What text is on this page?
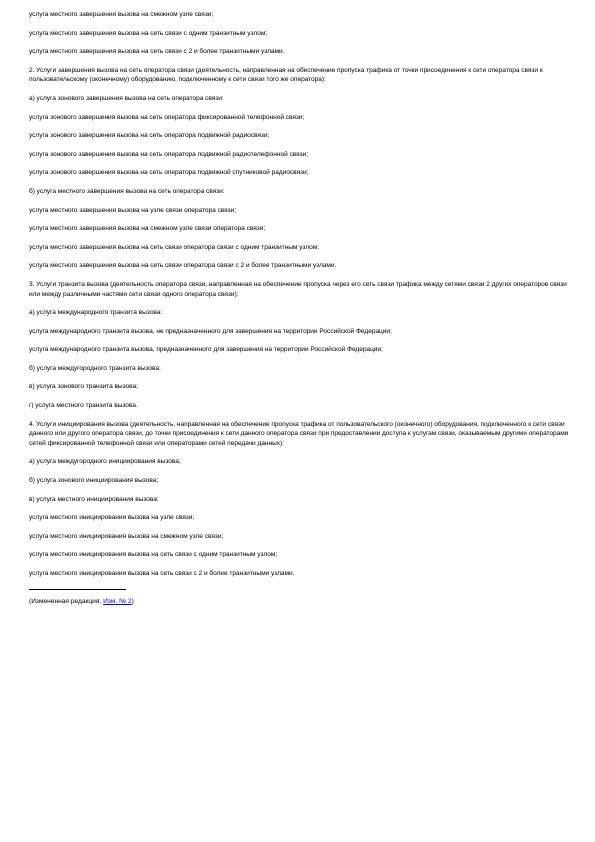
услуга местного завершения вызова на смежном узле связи;

услуга местного завершения вызова на сеть связи с одним транзитным узлом;

услуга местного завершения вызова на сеть связи с 2 и более транзитными узлами.

2. Услуги завершения вызова на сеть оператора связи (деятельность, направленная на обеспечение пропуска трафика от точки присоединения к сети оператора связи к пользовательскому (оконечному) оборудованию, подключенному к сети связи того же оператора):

а) услуга зонового завершения вызова на сеть оператора связи:

услуга зонового завершения вызова на сеть оператора фиксированной телефонной связи;

услуга зонового завершения вызова на сеть оператора подвижной радиосвязи;

услуга зонового завершения вызова на сеть оператора подвижной радиотелефонной связи;

услуга зонового завершения вызова на сеть оператора подвижной спутниковой радиосвязи;

б) услуга местного завершения вызова на сеть оператора связи:

услуга местного завершения вызова на узле связи оператора связи;

услуга местного завершения вызова на смежном узле связи оператора связи;

услуга местного завершения вызова на сеть связи оператора связи с одним транзитным узлом;

услуга местного завершения вызова на сеть связи оператора связи с 2 и более транзитными узлами.

3. Услуги транзита вызова (деятельность оператора связи, направленная на обеспечение пропуска через его сеть связи трафика между сетями связи 2 других операторов связи или между различными частями сети связи одного оператора связи):

а) услуга международного транзита вызова:

услуга международного транзита вызова, не предназначенного для завершения на территории Российской Федерации;

услуга международного транзита вызова, предназначенного для завершения на территории Российской Федерации;

б) услуга междугородного транзита вызова;

в) услуга зонового транзита вызова;

г) услуга местного транзита вызова.

4. Услуги инициирования вызова (деятельность, направленная на обеспечение пропуска трафика от пользовательского (оконечного) оборудования, подключенного к сети связи данного или другого оператора связи, до точки присоединения к сети данного оператора связи при предоставлении доступа к услугам связи, оказываемым другими операторами сетей фиксированной телефонной связи или операторами сетей передачи данных):

а) услуга междугородного инициирования вызова;

б) услуга зонового инициирования вызова;

в) услуга местного инициирования вызова:

услуга местного инициирования вызова на узле связи;

услуга местного инициирования вызова на смежном узле связи;

услуга местного инициирования вызова на сеть связи с одним транзитным узлом;

услуга местного инициирования вызова на сеть связи с 2 и более транзитными узлами.

(Измененная редакция, Изм. № 2)
